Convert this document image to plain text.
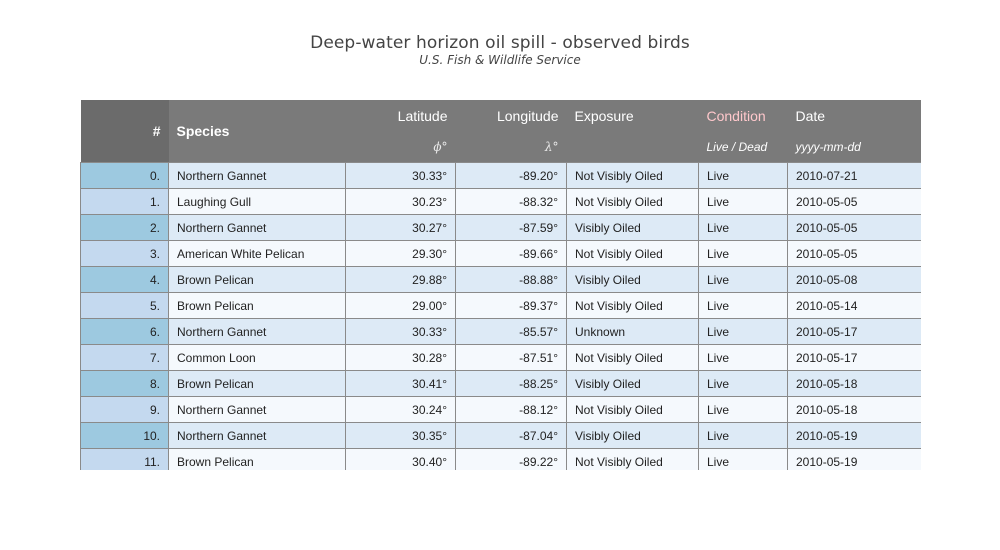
Deep-water horizon oil spill - observed birds
U.S. Fish & Wildlife Service
#	Species	Latitude	Longitude	Exposure	Condition	Date
		ϕ°	λ°		Live / Dead	yyyy-mm-dd
0.	Northern Gannet	30.33°	-89.20°	Not Visibly Oiled	Live	2010-07-21
1.	Laughing Gull	30.23°	-88.32°	Not Visibly Oiled	Live	2010-05-05
2.	Northern Gannet	30.27°	-87.59°	Visibly Oiled	Live	2010-05-05
3.	American White Pelican	29.30°	-89.66°	Not Visibly Oiled	Live	2010-05-05
4.	Brown Pelican	29.88°	-88.88°	Visibly Oiled	Live	2010-05-08
5.	Brown Pelican	29.00°	-89.37°	Not Visibly Oiled	Live	2010-05-14
6.	Northern Gannet	30.33°	-85.57°	Unknown	Live	2010-05-17
7.	Common Loon	30.28°	-87.51°	Not Visibly Oiled	Live	2010-05-17
8.	Brown Pelican	30.41°	-88.25°	Visibly Oiled	Live	2010-05-18
9.	Northern Gannet	30.24°	-88.12°	Not Visibly Oiled	Live	2010-05-18
10.	Northern Gannet	30.35°	-87.04°	Visibly Oiled	Live	2010-05-19
11.	Brown Pelican	30.40°	-89.22°	Not Visibly Oiled	Live	2010-05-19
